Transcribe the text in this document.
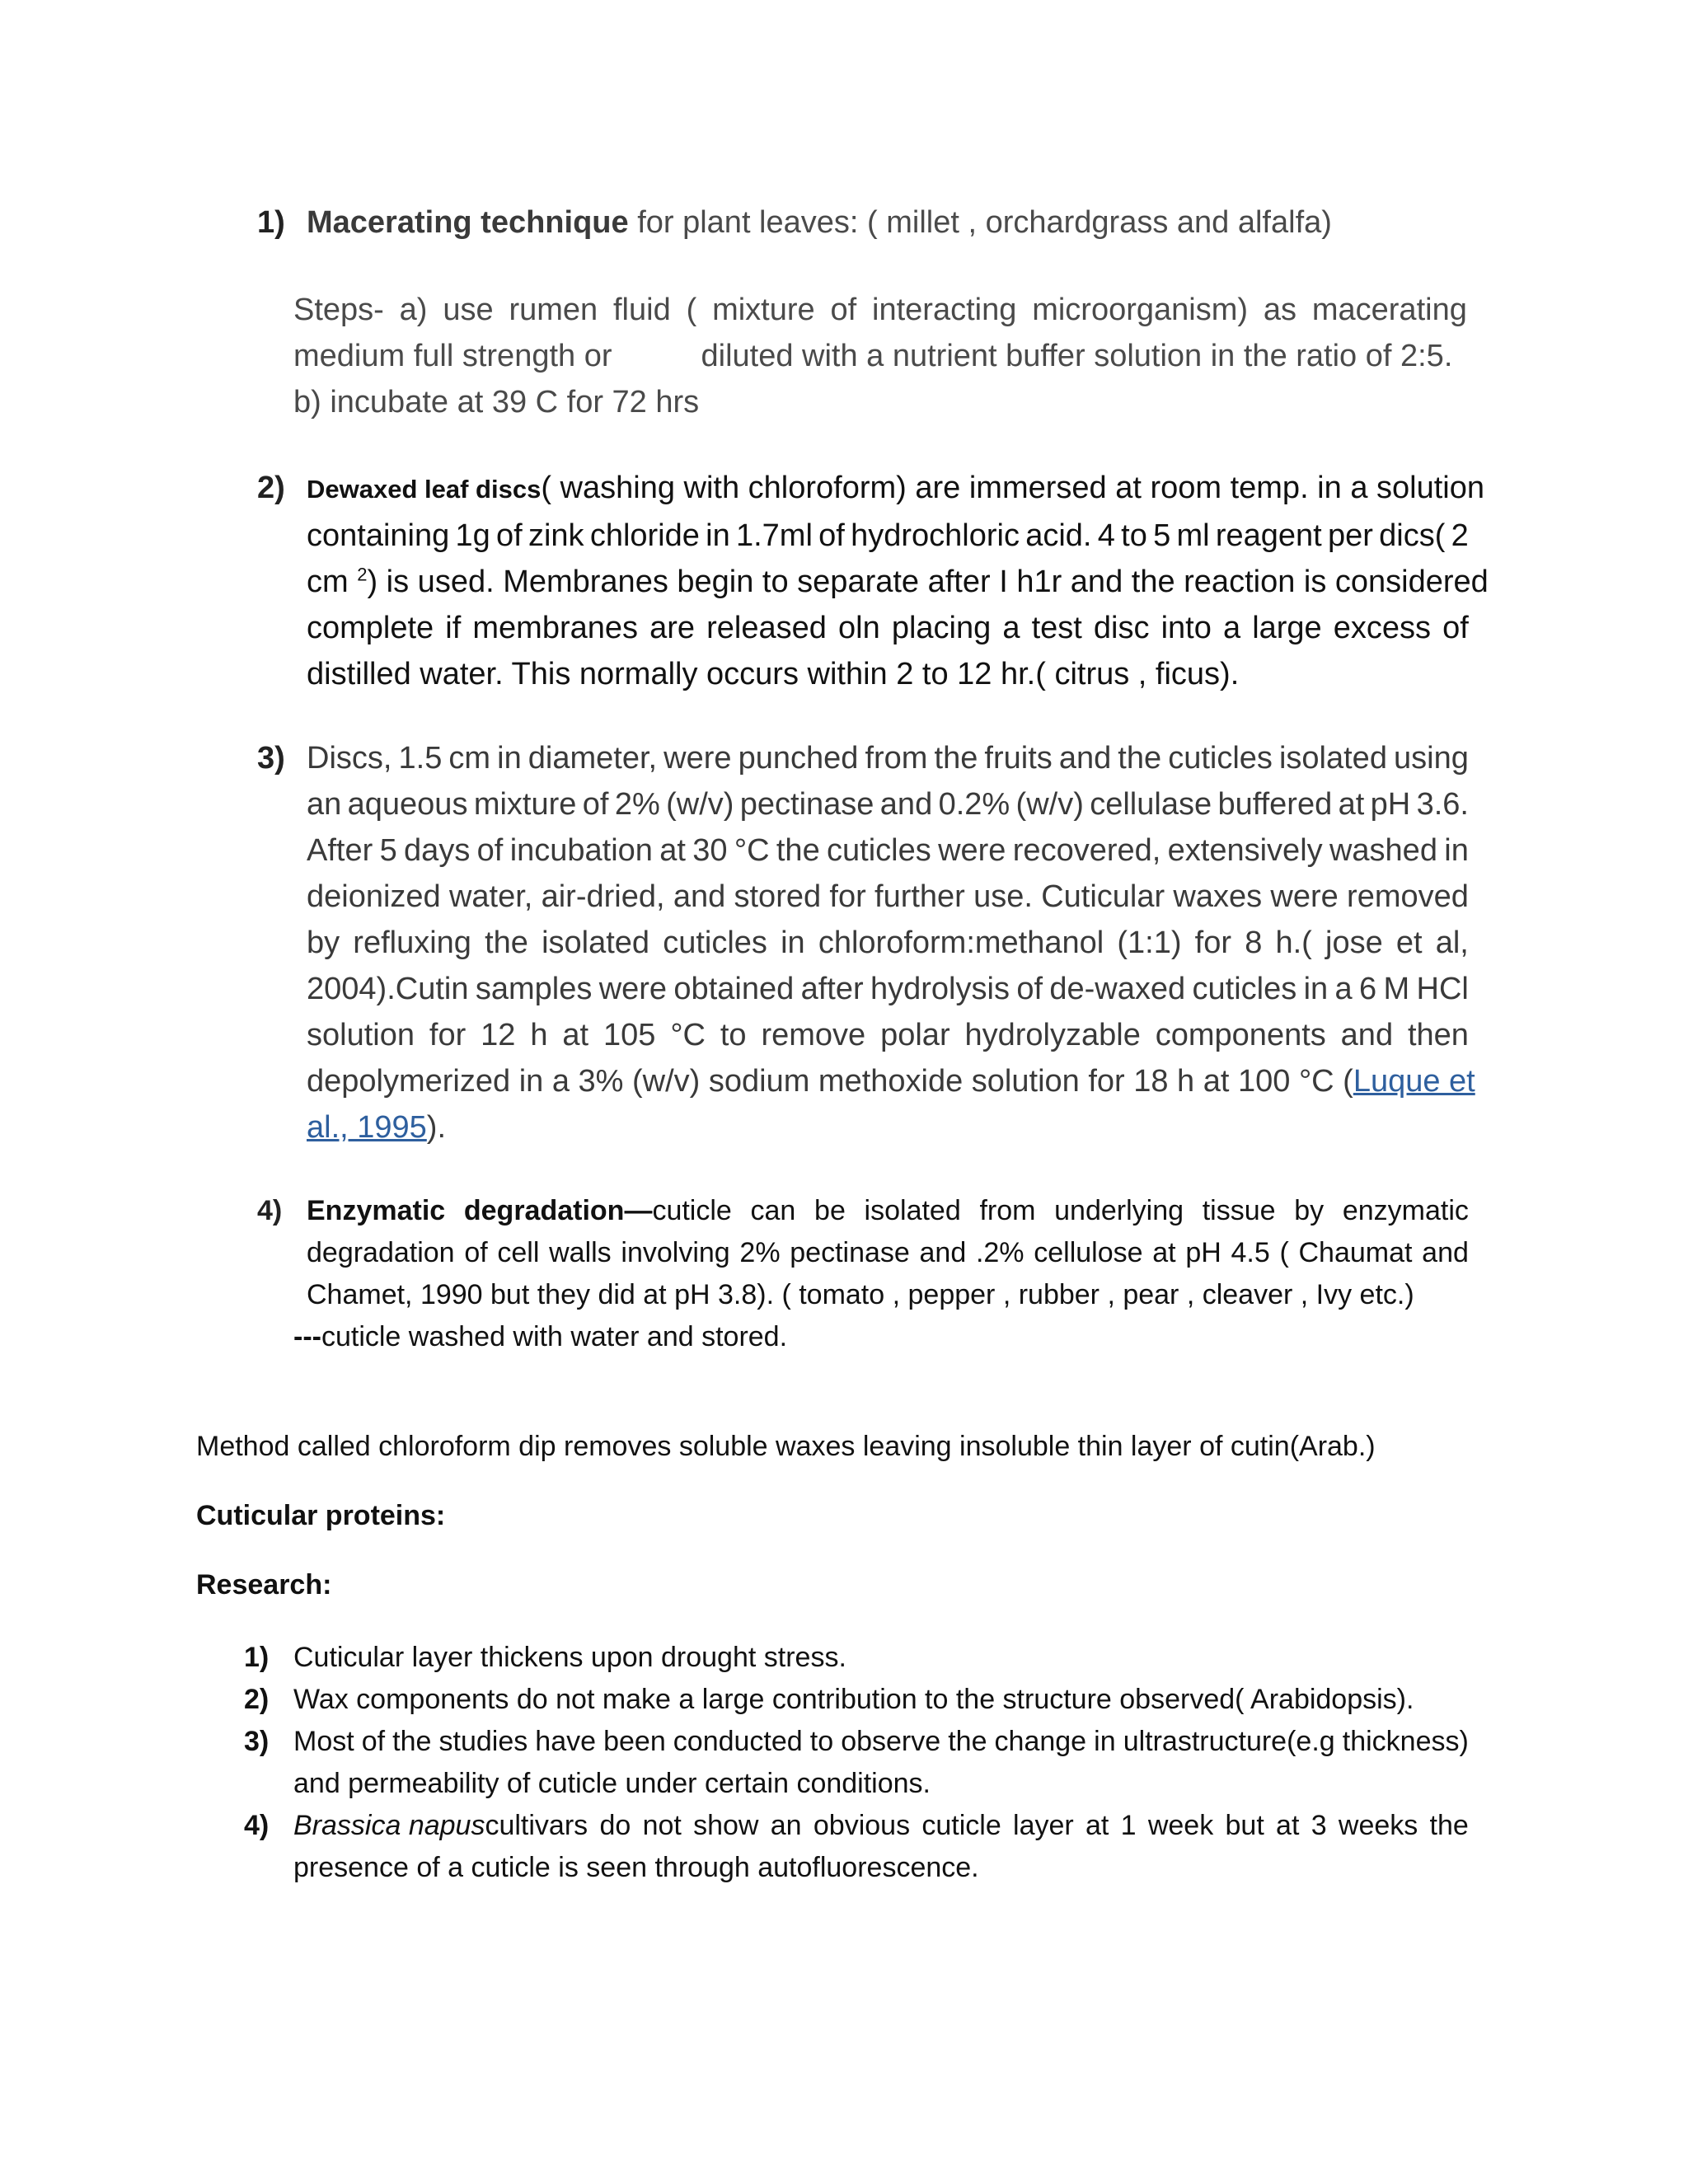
1) Macerating technique for plant leaves: ( millet , orchardgrass and alfalfa)
Steps- a) use rumen fluid ( mixture of interacting microorganism) as macerating
medium full strength or	diluted with a nutrient buffer solution in the ratio of 2:5.
b) incubate at 39 C for 72 hrs
2) Dewaxed leaf discs( washing with chloroform) are immersed at room temp. in a solution
containing 1g of zink chloride in 1.7ml of hydrochloric acid. 4 to 5 ml reagent per dics( 2
cm $^2$) is used. Membranes begin to separate after I h1r and the reaction is considered
complete if membranes are released oln placing a test disc into a large excess of
distilled water. This normally occurs within 2 to 12 hr.( citrus , ficus).
3) Discs, 1.5 cm in diameter, were punched from the fruits and the cuticles isolated using
an aqueous mixture of 2% (w/v) pectinase and 0.2% (w/v) cellulase buffered at pH 3.6.
After 5 days of incubation at 30 °C the cuticles were recovered, extensively washed in
deionized water, air-dried, and stored for further use. Cuticular waxes were removed
by refluxing the isolated cuticles in chloroform:methanol (1:1) for 8 h.( jose et al,
2004).Cutin samples were obtained after hydrolysis of de-waxed cuticles in a 6 M HCl
solution for 12 h at 105 °C to remove polar hydrolyzable components and then
depolymerized in a 3% (w/v) sodium methoxide solution for 18 h at 100 °C (Luque et
al., 1995 ).
4) Enzymatic degradation—cuticle can be isolated from underlying tissue by enzymatic
degradation of cell walls involving 2% pectinase and .2% cellulose at pH 4.5 ( Chaumat and
Chamet, 1990 but they did at pH 3.8). ( tomato , pepper , rubber , pear , cleaver , Ivy etc.)
---cuticle washed with water and stored.
Method called chloroform dip removes soluble waxes leaving insoluble thin layer of cutin(Arab.)
Cuticular proteins:
Research:
1) Cuticular layer thickens upon drought stress.
2) Wax components do not make a large contribution to the structure observed( Arabidopsis).
3) Most of the studies have been conducted to observe the change in ultrastructure(e.g thickness)
and permeability of cuticle under certain conditions.
4) Brassica napuscultivars do not show an obvious cuticle layer at 1 week but at 3 weeks the
presence of a cuticle is seen through autofluorescence.
